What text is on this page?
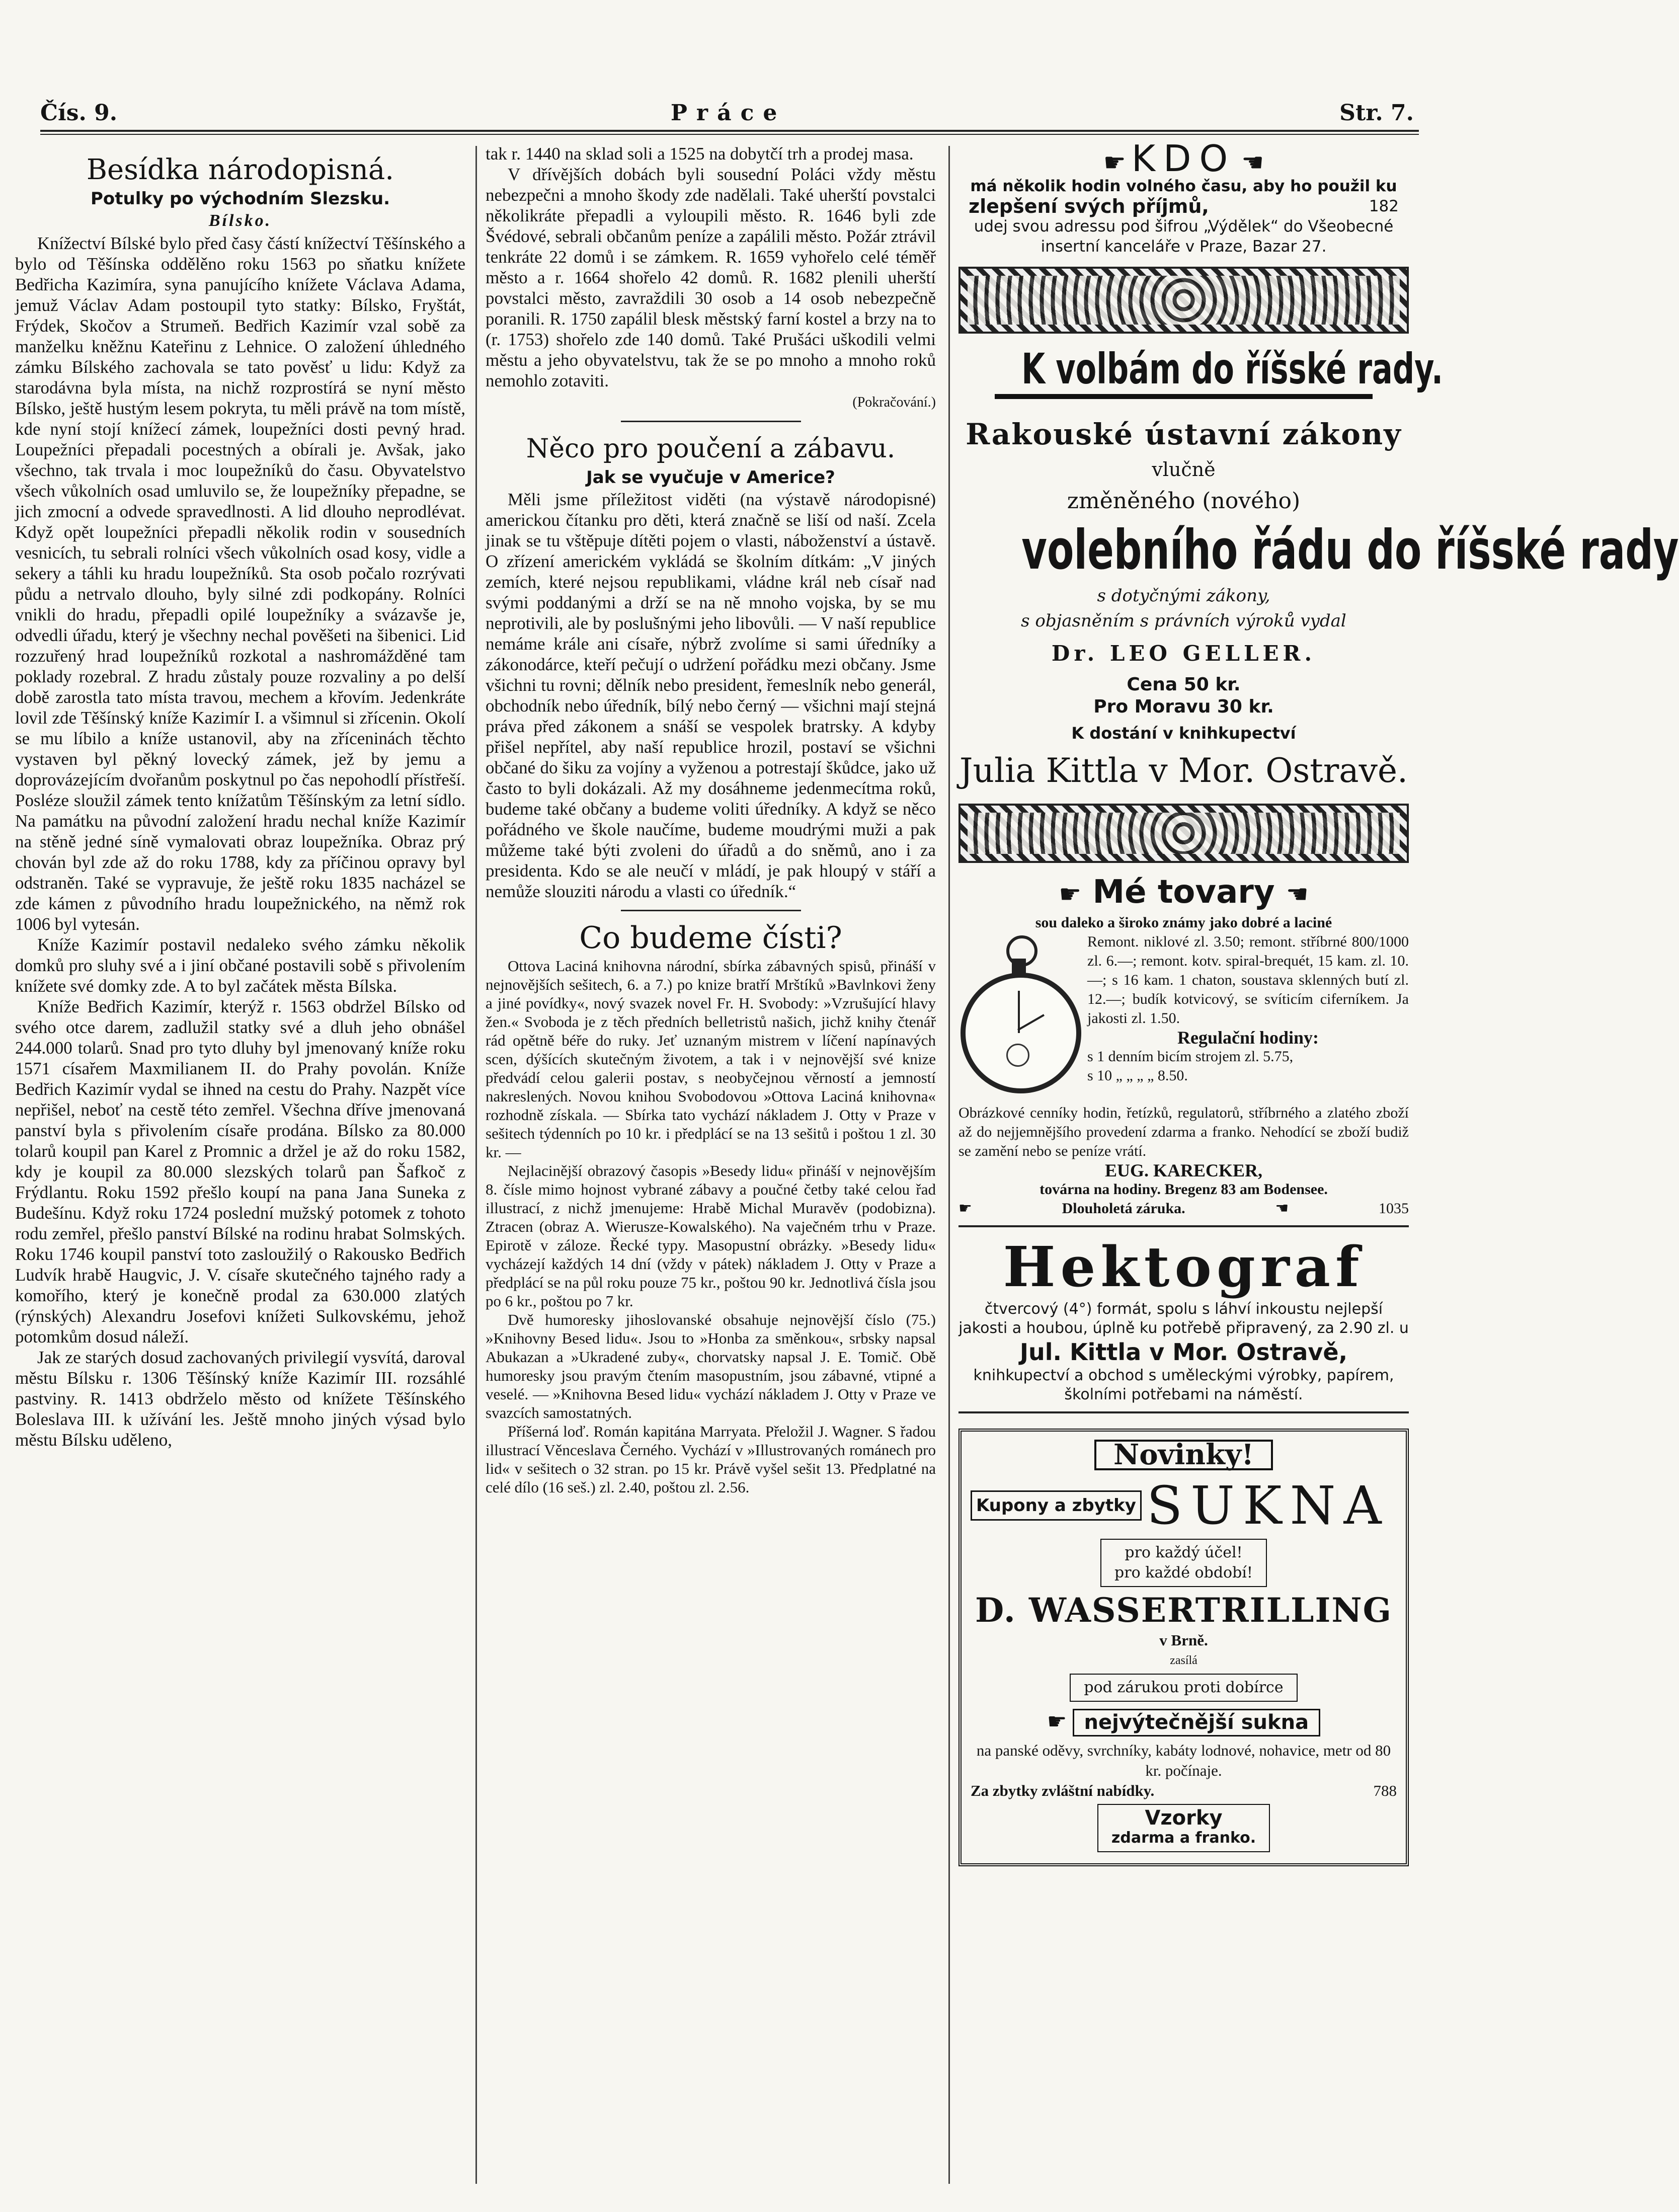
Čís. 9.	Práce	Str. 7.
Besídka národopisná.
Potulky po východním Slezsku.
Bílsko.

Knížectví Bílské bylo před časy částí knížectví Těšínského a bylo od Těšínska oddělěno roku 1563 po sňatku knížete Bedřicha Kazimíra, syna panujícího knížete Václava Adama, jemuž Václav Adam postoupil tyto statky: Bílsko, Fryštát, Frýdek, Skočov a Strumeň. Bedřich Kazimír vzal sobě za manželku kněžnu Kateřinu z Lehnice. O založení úhledného zámku Bílského zachovala se tato pověsť u lidu: Když za starodávna byla místa, na nichž rozprostírá se nyní město Bílsko, ještě hustým lesem pokryta, tu měli právě na tom místě, kde nyní stojí knížecí zámek, loupežníci dosti pevný hrad. Loupežníci přepadali pocestných a obírali je. Avšak, jako všechno, tak trvala i moc loupežníků do času. Obyvatelstvo všech vůkolních osad umluvilo se, že loupežníky přepadne, se jich zmocní a odvede spravedlnosti. A lid dlouho neprodlévat. Když opět loupežníci přepadli několik rodin v sousedních vesnicích, tu sebrali rolníci všech vůkolních osad kosy, vidle a sekery a táhli ku hradu loupežníků. Sta osob počalo rozrývati půdu a netrvalo dlouho, byly silné zdi podkopány. Rolníci vnikli do hradu, přepadli opilé loupežníky a svázavše je, odvedli úřadu, který je všechny nechal pověšeti na šibenici. Lid rozzuřený hrad loupežníků rozkotal a nashromážděné tam poklady rozebral. Z hradu zůstaly pouze rozvaliny a po delší době zarostla tato místa travou, mechem a křovím. Jedenkráte lovil zde Těšínský kníže Kazimír I. a všimnul si zřícenin. Okolí se mu líbilo a kníže ustanovil, aby na zříceninách těchto vystaven byl pěkný lovecký zámek, jež by jemu a doprovázejícím dvořanům poskytnul po čas nepohodlí přístřeší. Posléze sloužil zámek tento knížatům Těšínským za letní sídlo. Na památku na původní založení hradu nechal kníže Kazimír na stěně jedné síně vymalovati obraz loupežníka. Obraz prý chován byl zde až do roku 1788, kdy za příčinou opravy byl odstraněn. Také se vypravuje, že ještě roku 1835 nacházel se zde kámen z původního hradu loupežnického, na němž rok 1006 byl vytesán.

Kníže Kazimír postavil nedaleko svého zámku několik domků pro sluhy své a i jiní občané postavili sobě s přivolením knížete své domky zde. A to byl začátek města Bílska.

Kníže Bedřich Kazimír, kterýž r. 1563 obdržel Bílsko od svého otce darem, zadlužil statky své a dluh jeho obnášel 244.000 tolarů. Snad pro tyto dluhy byl jmenovaný kníže roku 1571 císařem Maxmilianem II. do Prahy povolán. Kníže Bedřich Kazimír vydal se ihned na cestu do Prahy. Nazpět více nepřišel, neboť na cestě této zemřel. Všechna dříve jmenovaná panství byla s přivolením císaře prodána. Bílsko za 80.000 tolarů koupil pan Karel z Promnic a držel je až do roku 1582, kdy je koupil za 80.000 slezských tolarů pan Šafkoč z Frýdlantu. Roku 1592 přešlo koupí na pana Jana Suneka z Budešínu. Když roku 1724 poslední mužský potomek z tohoto rodu zemřel, přešlo panství Bílské na rodinu hrabat Solmských. Roku 1746 koupil panství toto zasloužilý o Rakousko Bedřich Ludvík hrabě Haugvic, J. V. císaře skutečného tajného rady a komořího, který je konečně prodal za 630.000 zlatých (rýnských) Alexandru Josefovi knížeti Sulkovskému, jehož potomkům dosud náleží.

Jak ze starých dosud zachovaných privilegií vysvítá, daroval městu Bílsku r. 1306 Těšínský kníže Kazimír III. rozsáhlé pastviny. R. 1413 obdrželo město od knížete Těšínského Boleslava III. k užívání les. Ještě mnoho jiných výsad bylo městu Bílsku uděleno,

tak r. 1440 na sklad soli a 1525 na dobytčí trh a prodej masa.

V dřívějších dobách byli sousední Poláci vždy městu nebezpečni a mnoho škody zde nadělali. Také uherští povstalci několikráte přepadli a vyloupili město. R. 1646 byli zde Švédové, sebrali občanům peníze a zapálili město. Požár ztrávil tenkráte 22 domů i se zámkem. R. 1659 vyhořelo celé téměř město a r. 1664 shořelo 42 domů. R. 1682 plenili uherští povstalci město, zavraždili 30 osob a 14 osob nebezpečně poranili. R. 1750 zapálil blesk městský farní kostel a brzy na to (r. 1753) shořelo zde 140 domů. Také Prušáci uškodili velmi městu a jeho obyvatelstvu, tak že se po mnoho a mnoho roků nemohlo zotaviti.

(Pokračování.)
Něco pro poučení a zábavu.
Jak se vyučuje v Americe?

Měli jsme příležitost viděti (na výstavě národopisné) americkou čítanku pro děti, která značně se liší od naší. Zcela jinak se tu vštěpuje dítěti pojem o vlasti, náboženství a ústavě. O zřízení americkém vykládá se školním dítkám: „V jiných zemích, které nejsou republikami, vládne král neb císař nad svými poddanými a drží se na ně mnoho vojska, by se mu neprotivili, ale by poslušnými jeho libovůli. — V naší republice nemáme krále ani císaře, nýbrž zvolíme si sami úředníky a zákonodárce, kteří pečují o udržení pořádku mezi občany. Jsme všichni tu rovni; dělník nebo president, řemeslník nebo generál, obchodník nebo úředník, bílý nebo černý — všichni mají stejná práva před zákonem a snáší se vespolek bratrsky. A kdyby přišel nepřítel, aby naší republice hrozil, postaví se všichni občané do šiku za vojíny a vyženou a potrestají škůdce, jako už často to byli dokázali. Až my dosáhneme jedenmecítma roků, budeme také občany a budeme voliti úředníky. A když se něco pořádného ve škole naučíme, budeme moudrými muži a pak můžeme také býti zvoleni do úřadů a do sněmů, ano i za presidenta. Kdo se ale neučí v mládí, je pak hloupý v stáří a nemůže slouziti národu a vlasti co úředník.“

Co budeme čísti?

Ottova Laciná knihovna národní, sbírka zábavných spisů, přináší v nejnovějších sešitech, 6. a 7.) po knize bratří Mrštíků »Bavlnkovi ženy a jiné povídky«, nový svazek novel Fr. H. Svobody: »Vzrušující hlavy žen.« Svoboda je z těch předních belletristů našich, jichž knihy čtenář rád opětně béře do ruky. Jeť uznaným mistrem v líčení napínavých scen, dýšících skutečným životem, a tak i v nejnovější své knize předvádí celou galerii postav, s neobyčejnou věrností a jemností nakreslených. Novou knihou Svobodovou »Ottova Laciná knihovna« rozhodně získala. — Sbírka tato vychází nákladem J. Otty v Praze v sešitech týdenních po 10 kr. i předplácí se na 13 sešitů i poštou 1 zl. 30 kr. —

Nejlacinější obrazový časopis »Besedy lidu« přináší v nejnovějším 8. čísle mimo hojnost vybrané zábavy a poučné četby také celou řad illustrací, z nichž jmenujeme: Hrabě Michal Muravěv (podobizna). Ztracen (obraz A. Wierusze-Kowalského). Na vaječném trhu v Praze. Epirotě v záloze. Řecké typy. Masopustní obrázky. »Besedy lidu« vycházejí každých 14 dní (vždy v pátek) nákladem J. Otty v Praze a předplácí se na půl roku pouze 75 kr., poštou 90 kr. Jednotlivá čísla jsou po 6 kr., poštou po 7 kr.

Dvě humoresky jihoslovanské obsahuje nejnovější číslo (75.) »Knihovny Besed lidu«. Jsou to »Honba za směnkou«, srbsky napsal Abukazan a »Ukradené zuby«, chorvatsky napsal J. E. Tomič. Obě humoresky jsou pravým čtením masopustním, jsou zábavné, vtipné a veselé. — »Knihovna Besed lidu« vychází nákladem J. Otty v Praze ve svazcích samostatných.

Příšerná loď. Román kapitána Marryata. Přeložil J. Wagner. S řadou illustrací Věnceslava Černého. Vychází v »Illustrovaných románech pro lid« v sešitech o 32 stran. po 15 kr. Právě vyšel sešit 13. Předplatné na celé dílo (16 seš.) zl. 2.40, poštou zl. 2.56.

☛ KDO ☚
má několik hodin volného času, aby ho použil ku
zlepšení svých příjmů,	182
udej svou adressu pod šifrou „Výdělek“ do Všeobecné insertní kanceláře v Praze, Bazar 27.
K volbám do říšské rady.
Rakouské ústavní zákony
vlučně
změněného (nového)
volebního řádu do říšské rady
s dotyčnými zákony,
s objasněním s právních výroků vydal
Dr. LEO GELLER.
Cena 50 kr.
Pro Moravu 30 kr.
K dostání v knihkupectví
Julia Kittla v Mor. Ostravě.
☛ Mé tovary ☚
sou daleko a široko známy jako dobré a laciné
Remont. niklové zl. 3.50; remont. stříbrné 800/1000 zl. 6.—; remont. kotv. spiral-brequét, 15 kam. zl. 10.—; s 16 kam. 1 chaton, soustava sklenných butí zl. 12.—; budík kotvicový, se svíticím ciferníkem. Ja jakosti zl. 1.50.
Regulační hodiny:
s 1 denním bicím strojem zl. 5.75,
s 10 „ „ „ „ 8.50.
Obrázkové cenníky hodin, řetízků, regulatorů, stříbrného a zlatého zboží až do nejjemnějšího provedení zdarma a franko. Nehodící se zboží budiž se zamění nebo se peníze vrátí.
EUG. KARECKER,
továrna na hodiny. Bregenz 83 am Bodensee.
☛	Dlouholetá záruka.	☚	1035
Hektograf
čtvercový (4°) formát, spolu s láhví inkoustu nejlepší jakosti a houbou, úplně ku potřebě připravený, za 2.90 zl. u
Jul. Kittla v Mor. Ostravě,
knihkupectví a obchod s uměleckými výrobky, papírem, školními potřebami na náměstí.
Novinky!
Kupony a zbytky SUKNA
pro každý účel!
pro každé období!
D. WASSERTRILLING
v Brně.
zasílá
pod zárukou proti dobírce
☛ nejvýtečnější sukna
na panské oděvy, svrchníky, kabáty lodnové, nohavice, metr od 80 kr. počínaje.
Za zbytky zvláštní nabídky.	788
Vzorky
zdarma a franko.
